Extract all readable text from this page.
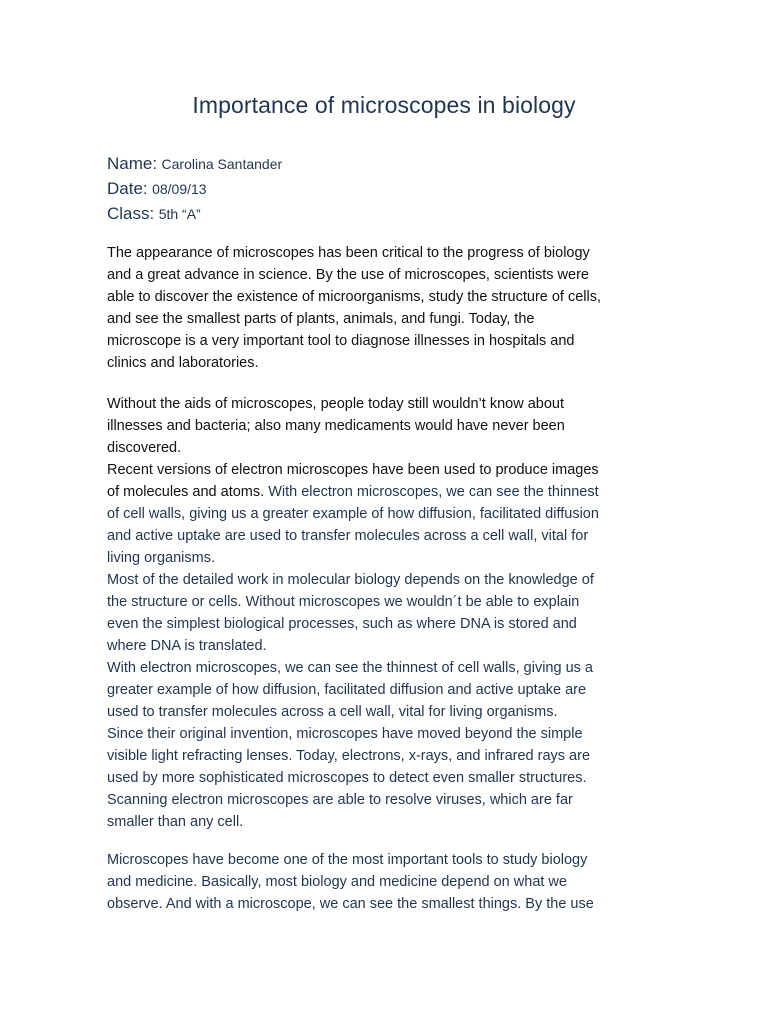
Importance of microscopes in biology
Name: Carolina Santander
Date: 08/09/13
Class: 5th “A”
The appearance of microscopes has been critical to the progress of biology
and a great advance in science. By the use of microscopes, scientists were
able to discover the existence of microorganisms, study the structure of cells,
and see the smallest parts of plants, animals, and fungi. Today, the
microscope is a very important tool to diagnose illnesses in hospitals and
clinics and laboratories.
Without the aids of microscopes, people today still wouldn’t know about
illnesses and bacteria; also many medicaments would have never been
discovered.
Recent versions of electron microscopes have been used to produce images
of molecules and atoms. With electron microscopes, we can see the thinnest
of cell walls, giving us a greater example of how diffusion, facilitated diffusion
and active uptake are used to transfer molecules across a cell wall, vital for
living organisms.
Most of the detailed work in molecular biology depends on the knowledge of
the structure or cells. Without microscopes we wouldn´t be able to explain
even the simplest biological processes, such as where DNA is stored and
where DNA is translated.
With electron microscopes, we can see the thinnest of cell walls, giving us a
greater example of how diffusion, facilitated diffusion and active uptake are
used to transfer molecules across a cell wall, vital for living organisms.
Since their original invention, microscopes have moved beyond the simple
visible light refracting lenses. Today, electrons, x-rays, and infrared rays are
used by more sophisticated microscopes to detect even smaller structures.
Scanning electron microscopes are able to resolve viruses, which are far
smaller than any cell.
Microscopes have become one of the most important tools to study biology
and medicine. Basically, most biology and medicine depend on what we
observe. And with a microscope, we can see the smallest things. By the use
